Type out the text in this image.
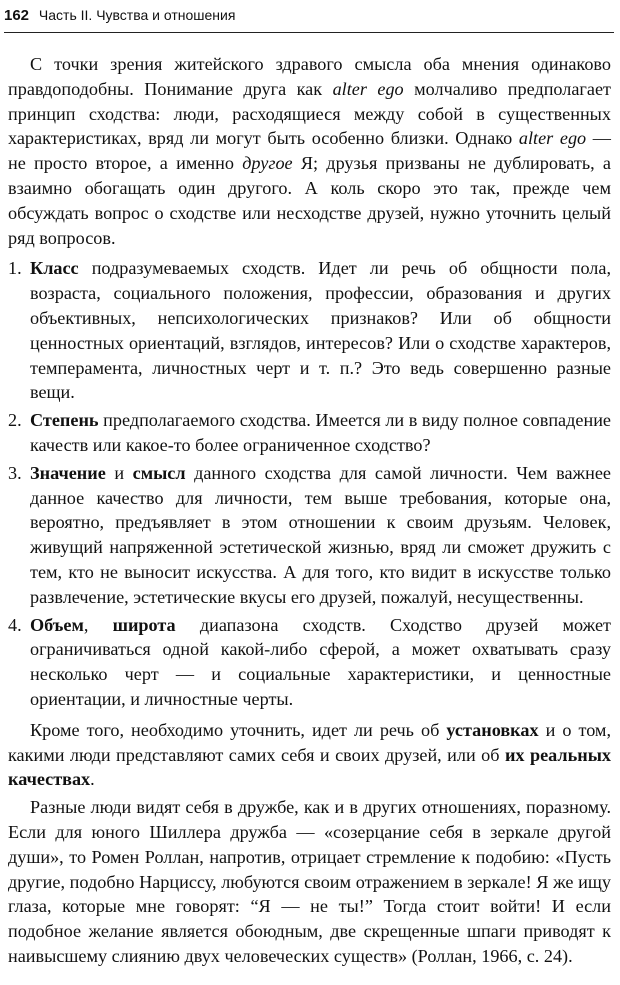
162 Часть II. Чувства и отношения

С точки зрения житейского здравого смысла оба мнения одинаково правдоподобны. Понимание друга как alter ego молчаливо предполагает принцип сходства: люди, расходящиеся между собой в существенных характеристиках, вряд ли могут быть особенно близки. Однако alter ego — не просто второе, а именно другое Я; друзья призваны не дублировать, а взаимно обогащать один другого. А коль скоро это так, прежде чем обсуждать вопрос о сходстве или несходстве друзей, нужно уточнить целый ряд вопросов.

1. Класс подразумеваемых сходств. Идет ли речь об общности пола, возраста, социального положения, профессии, образования и других объективных, непсихологических признаков? Или об общности ценностных ориентаций, взглядов, интересов? Или о сходстве характеров, темперамента, личностных черт и т. п.? Это ведь совершенно разные вещи.

2. Степень предполагаемого сходства. Имеется ли в виду полное совпадение качеств или какое-то более ограниченное сходство?

3. Значение и смысл данного сходства для самой личности. Чем важнее данное качество для личности, тем выше требования, которые она, вероятно, предъявляет в этом отношении к своим друзьям. Человек, живущий напряженной эстетической жизнью, вряд ли сможет дружить с тем, кто не выносит искусства. А для того, кто видит в искусстве только развлечение, эстетические вкусы его друзей, пожалуй, несущественны.

4. Объем, широта диапазона сходств. Сходство друзей может ограничиваться одной какой-либо сферой, а может охватывать сразу несколько черт — и социальные характеристики, и ценностные ориентации, и личностные черты.

Кроме того, необходимо уточнить, идет ли речь об установках и о том, какими люди представляют самих себя и своих друзей, или об их реальных качествах.

Разные люди видят себя в дружбе, как и в других отношениях, поразному. Если для юного Шиллера дружба — «созерцание себя в зеркале другой души», то Ромен Роллан, напротив, отрицает стремление к подобию: «Пусть другие, подобно Нарциссу, любуются своим отражением в зеркале! Я же ищу глаза, которые мне говорят: “Я — не ты!” Тогда стоит войти! И если подобное желание является обоюдным, две скрещенные шпаги приводят к наивысшему слиянию двух человеческих существ» (Роллан, 1966, с. 24).
